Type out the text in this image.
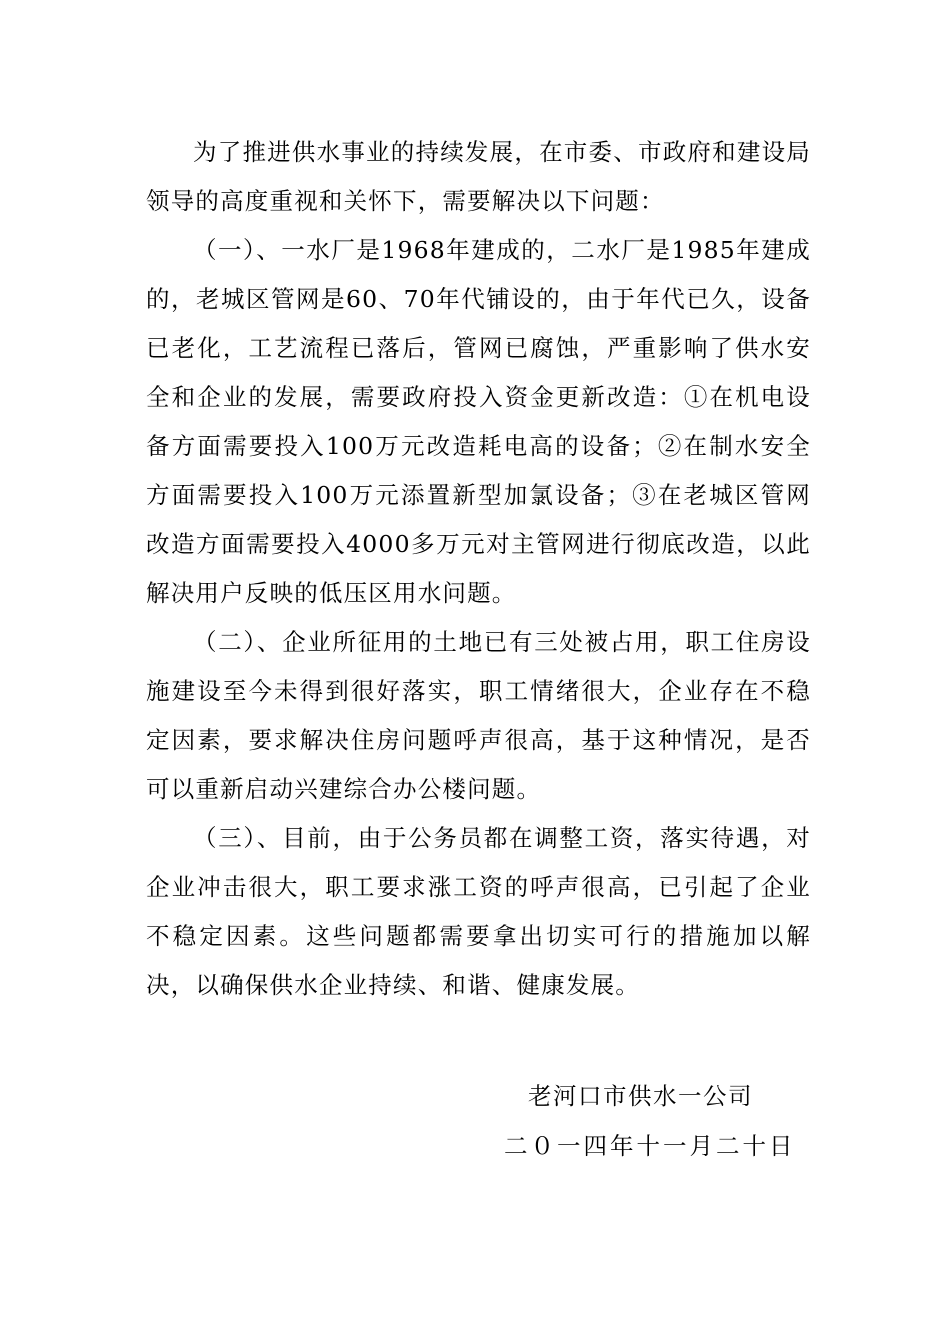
为了推进供水事业的持续发展，在市委、市政府和建设局领导的高度重视和关怀下，需要解决以下问题：

（一）、一水厂是1968年建成的，二水厂是1985年建成的，老城区管网是60、70年代铺设的，由于年代已久，设备已老化，工艺流程已落后，管网已腐蚀，严重影响了供水安全和企业的发展，需要政府投入资金更新改造：①在机电设备方面需要投入100万元改造耗电高的设备；②在制水安全方面需要投入100万元添置新型加氯设备；③在老城区管网改造方面需要投入4000多万元对主管网进行彻底改造，以此解决用户反映的低压区用水问题。

（二）、企业所征用的土地已有三处被占用，职工住房设施建设至今未得到很好落实，职工情绪很大，企业存在不稳定因素，要求解决住房问题呼声很高，基于这种情况，是否可以重新启动兴建综合办公楼问题。

（三）、目前，由于公务员都在调整工资，落实待遇，对企业冲击很大，职工要求涨工资的呼声很高，已引起了企业不稳定因素。这些问题都需要拿出切实可行的措施加以解决，以确保供水企业持续、和谐、健康发展。

老河口市供水一公司
二０一四年十一月二十日
